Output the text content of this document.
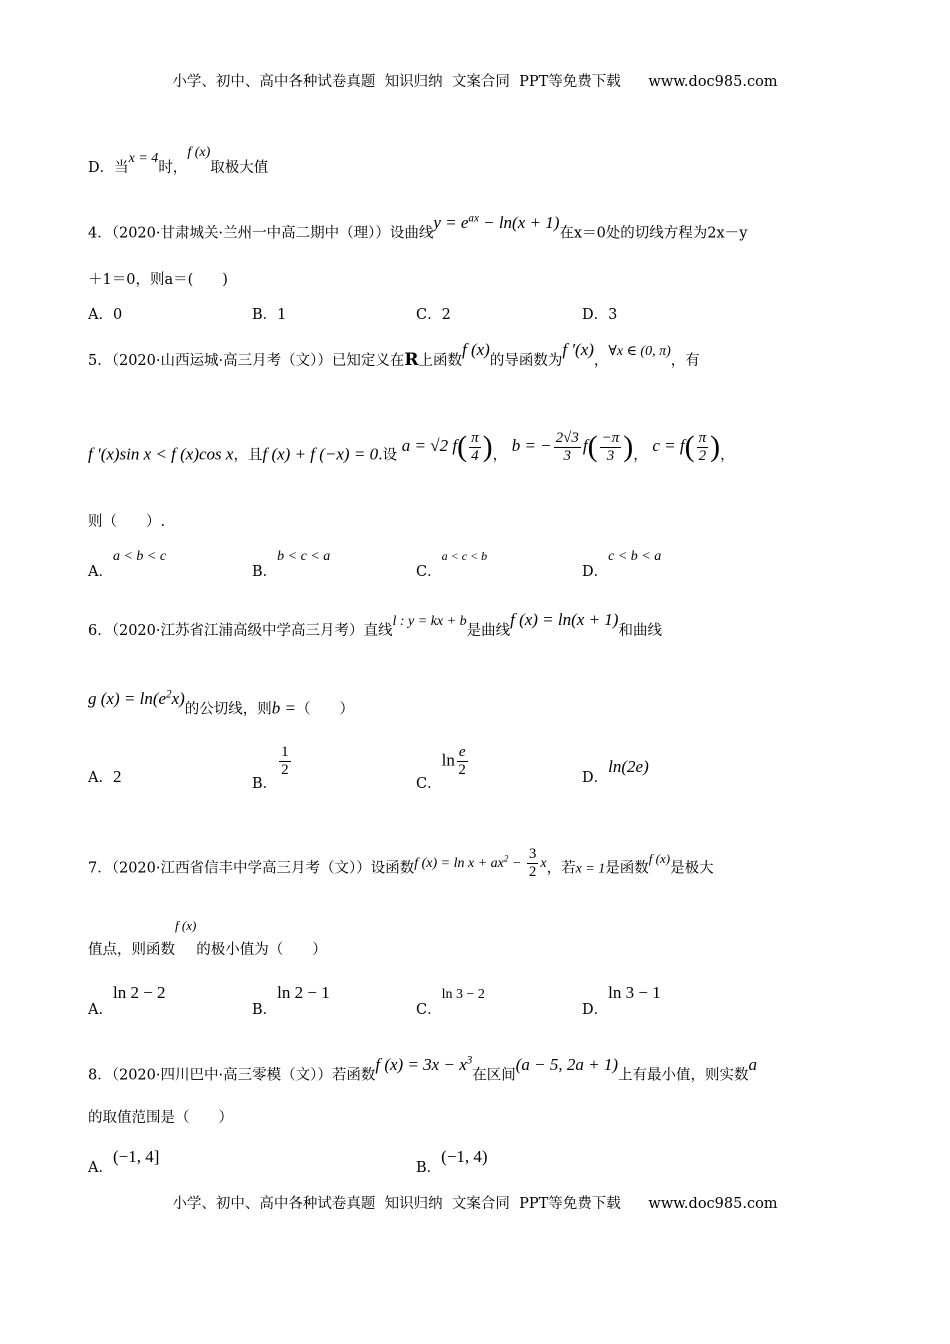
小学、初中、高中各种试卷真题  知识归纳  文案合同  PPT等免费下载      www.doc985.com
D．当x = 4时，f (x)取极大值
4．（2020·甘肃城关·兰州一中高二期中（理））设曲线$y = e^{ax} - \ln(x + 1)$在x＝0处的切线方程为2x－y
＋1＝0，则a＝(　　)
A．0	B．1	C．2	D．3
5．（2020·山西运城·高三月考（文））已知定义在R上函数f (x)的导函数为f ′(x)，∀x ∈ (0, π)，有
f ′(x)sin x < f (x)cos x，且f (x) + f (−x) = 0.设 a = √2 $f( \frac{\pi}{4}$ )， b = − $\frac{2√3}{3} f( \frac{-\pi}{3}$ )， $c = f( \frac{\pi}{2}$ )，
则（　　）.
A．a < b < c
B．b < c < a
C．$^{a < c < b}$
D．c < b < a
6．（2020·江苏省江浦高级中学高三月考）直线l : y = kx + b是曲线f (x) = ln(x + 1)和曲线
g $(x) = \ln(e^2x)$的公切线，则b =（　　）
A．2	B．
$\frac{1}{2}$
C．$\ln \frac{e}{2}$	D．ln(2e)
7．（2020·江西省信丰中学高三月考（文））设函数f $(x) = \ln x + ax^2 - \frac{3}{2}$ x，若x = 1是函数f (x)是极大
值点，则函数f (x)的极小值为（　　）
A．ln 2 − 2
B．ln 2 − 1
C．ln 3 − 2
D．ln 3 − 1
8．（2020·四川巴中·高三零模（文））若函数f $(x) = 3x - x^3$在区间(a − 5, 2a + 1)上有最小值，则实数a
的取值范围是（　　）
A．(−1, 4]
B．(−1, 4)
小学、初中、高中各种试卷真题  知识归纳  文案合同  PPT等免费下载      www.doc985.com
